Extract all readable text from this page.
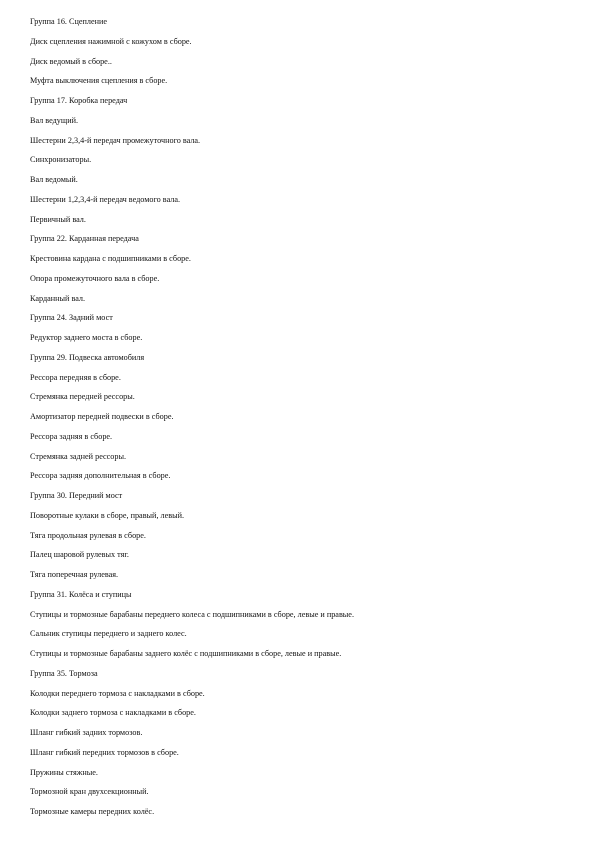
Группа 16. Сцепление
Диск сцепления нажимной с кожухом в сборе.
Диск ведомый в сборе..
Муфта выключения сцепления в сборе.
Группа 17. Коробка передач
Вал ведущий.
Шестерни 2,3,4-й передач промежуточного вала.
Синхронизаторы.
Вал ведомый.
Шестерни 1,2,3,4-й передач ведомого вала.
Первичный вал.
Группа 22. Карданная передача
Крестовина кардана с подшипниками в сборе.
Опора промежуточного вала в сборе.
Карданный вал.
Группа 24. Задний мост
Редуктор заднего моста в сборе.
Группа 29. Подвеска автомобиля
Рессора передняя в сборе.
Стремянка передней рессоры.
Амортизатор передней подвески в сборе.
Рессора задняя в сборе.
Стремянка задней рессоры.
Рессора задняя дополнительная в сборе.
Группа 30. Передний мост
Поворотные кулаки в сборе, правый, левый.
Тяга продольная рулевая в сборе.
Палец шаровой рулевых тяг.
Тяга поперечная рулевая.
Группа 31. Колёса и ступицы
Ступицы и тормозные барабаны переднего колеса с подшипниками в сборе, левые и правые.
Сальник ступицы переднего и заднего колес.
Ступицы и тормозные барабаны заднего колёс с подшипниками в сборе, левые и правые.
Группа 35. Тормоза
Колодки переднего тормоза с накладками в сборе.
Колодки заднего тормоза с накладками в сборе.
Шланг гибкий задних тормозов.
Шланг гибкий передних тормозов в сборе.
Пружины стяжные.
Тормозной кран двухсекционный.
Тормозные камеры передних колёс.
